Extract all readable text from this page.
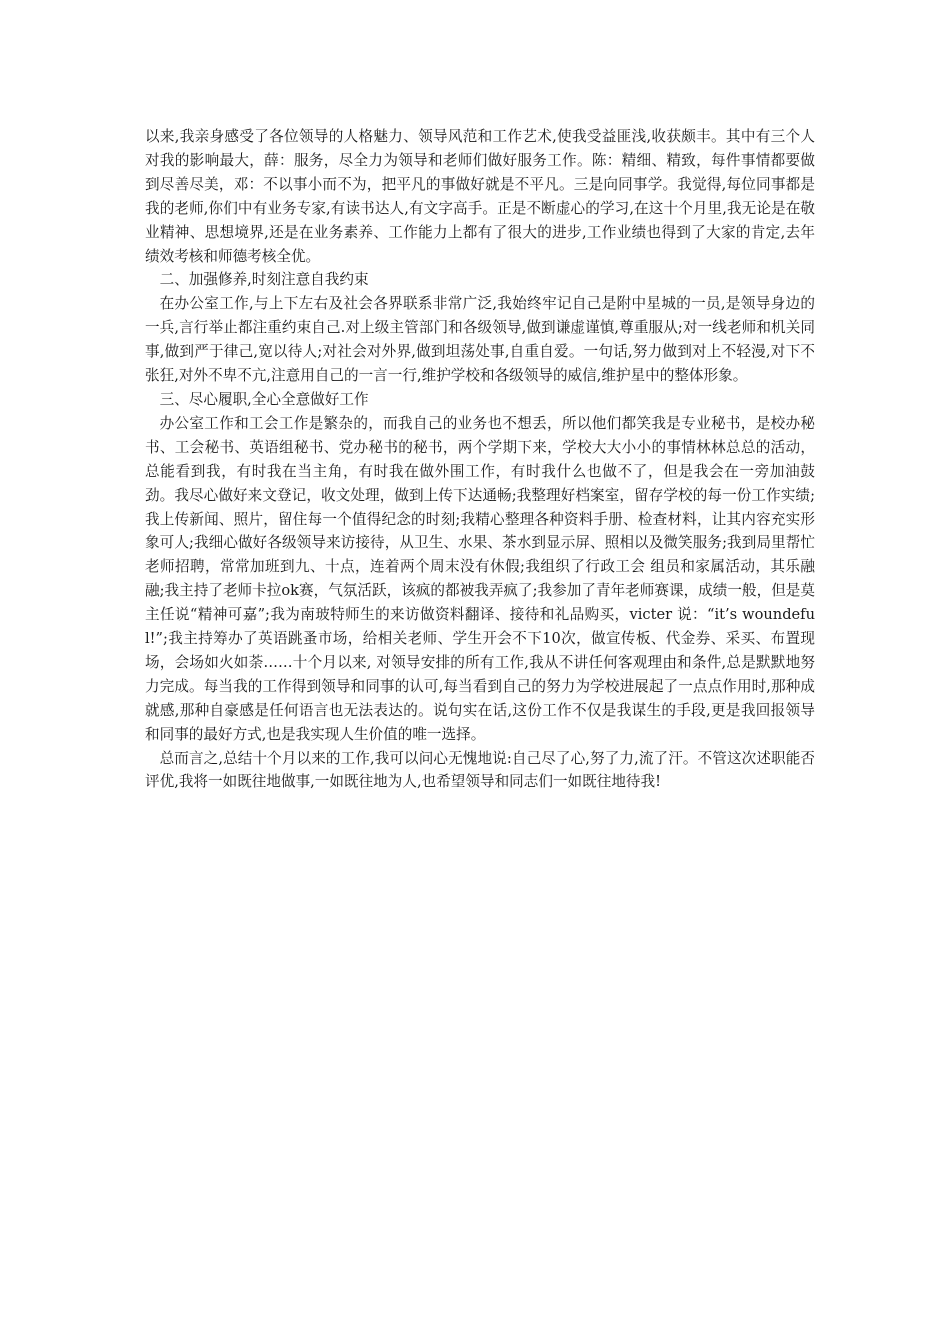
以来,我亲身感受了各位领导的人格魅力、领导风范和工作艺术,使我受益匪浅,收获颇丰。其中有三个人对我的影响最大，薛：服务，尽全力为领导和老师们做好服务工作。陈：精细、精致，每件事情都要做到尽善尽美，邓：不以事小而不为，把平凡的事做好就是不平凡。三是向同事学。我觉得,每位同事都是我的老师,你们中有业务专家,有读书达人,有文字高手。正是不断虚心的学习,在这十个月里,我无论是在敬业精神、思想境界,还是在业务素养、工作能力上都有了很大的进步,工作业绩也得到了大家的肯定,去年绩效考核和师德考核全优。

二、加强修养,时刻注意自我约束

在办公室工作,与上下左右及社会各界联系非常广泛,我始终牢记自己是附中星城的一员,是领导身边的一兵,言行举止都注重约束自己.对上级主管部门和各级领导,做到谦虚谨慎,尊重服从;对一线老师和机关同事,做到严于律己,宽以待人;对社会对外界,做到坦荡处事,自重自爱。一句话,努力做到对上不轻漫,对下不张狂,对外不卑不亢,注意用自己的一言一行,维护学校和各级领导的威信,维护星中的整体形象。

三、尽心履职,全心全意做好工作

办公室工作和工会工作是繁杂的，而我自己的业务也不想丢，所以他们都笑我是专业秘书，是校办秘书、工会秘书、英语组秘书、党办秘书的秘书，两个学期下来，学校大大小小的事情林林总总的活动，总能看到我，有时我在当主角，有时我在做外围工作，有时我什么也做不了，但是我会在一旁加油鼓劲。我尽心做好来文登记，收文处理，做到上传下达通畅;我整理好档案室，留存学校的每一份工作实绩;我上传新闻、照片，留住每一个值得纪念的时刻;我精心整理各种资料手册、检查材料，让其内容充实形象可人;我细心做好各级领导来访接待，从卫生、水果、茶水到显示屏、照相以及微笑服务;我到局里帮忙老师招聘，常常加班到九、十点，连着两个周末没有休假;我组织了行政工会 组员和家属活动，其乐融融;我主持了老师卡拉ok赛，气氛活跃，该疯的都被我弄疯了;我参加了青年老师赛课，成绩一般，但是莫主任说“精神可嘉”;我为南玻特师生的来访做资料翻译、接待和礼品购买，victer 说：“it’s woundeful!”;我主持筹办了英语跳蚤市场，给相关老师、学生开会不下10次，做宣传板、代金券、采买、布置现场，会场如火如荼……十个月以来, 对领导安排的所有工作,我从不讲任何客观理由和条件,总是默默地努力完成。每当我的工作得到领导和同事的认可,每当看到自己的努力为学校进展起了一点点作用时,那种成就感,那种自豪感是任何语言也无法表达的。说句实在话,这份工作不仅是我谋生的手段,更是我回报领导和同事的最好方式,也是我实现人生价值的唯一选择。

总而言之,总结十个月以来的工作,我可以问心无愧地说:自己尽了心,努了力,流了汗。不管这次述职能否评优,我将一如既往地做事,一如既往地为人,也希望领导和同志们一如既往地待我!
